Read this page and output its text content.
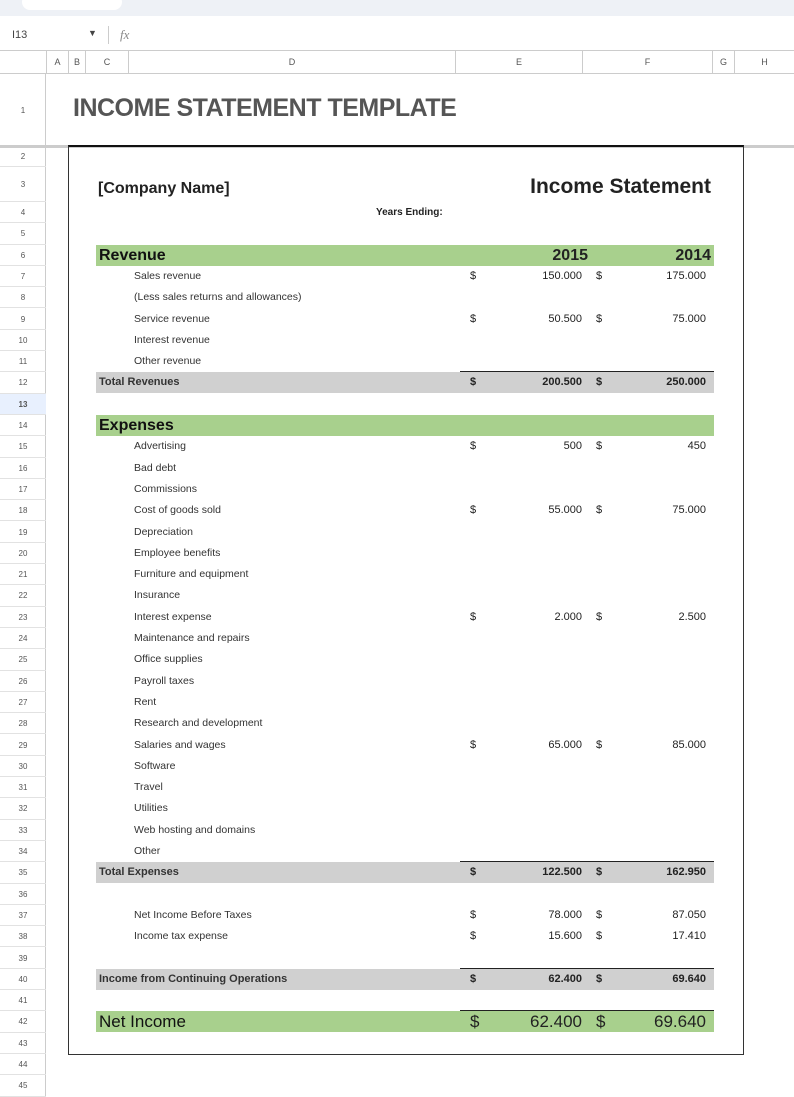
I13	▼ fx
A	B	C	D	E	F	G	H
1
2
3
4
5
6
7
8
9
10
11
12
13
14
15
16
17
18
19
20
21
22
23
24
25
26
27
28
29
30
31
32
33
34
35
36
37
38
39
40
41
42
43
44
45
INCOME STATEMENT TEMPLATE
[Company Name]	Income Statement
Years Ending:
Revenue	2015	2014
Sales revenue	$	150.000 $	175.000
(Less sales returns and allowances)
Service revenue	$	50.500 $	75.000
Interest revenue
Other revenue
Total Revenues	$	200.500 $	250.000
Expenses
Advertising	$	500 $	450
Bad debt
Commissions
Cost of goods sold	$	55.000 $	75.000
Depreciation
Employee benefits
Furniture and equipment
Insurance
Interest expense	$	2.000 $	2.500
Maintenance and repairs
Office supplies
Payroll taxes
Rent
Research and development
Salaries and wages	$	65.000 $	85.000
Software
Travel
Utilities
Web hosting and domains
Other
Total Expenses	$	122.500 $	162.950
Net Income Before Taxes	$	78.000 $	87.050
Income tax expense	$	15.600 $	17.410
Income from Continuing Operations	$	62.400 $	69.640
Net Income	$	62.400 $	69.640
